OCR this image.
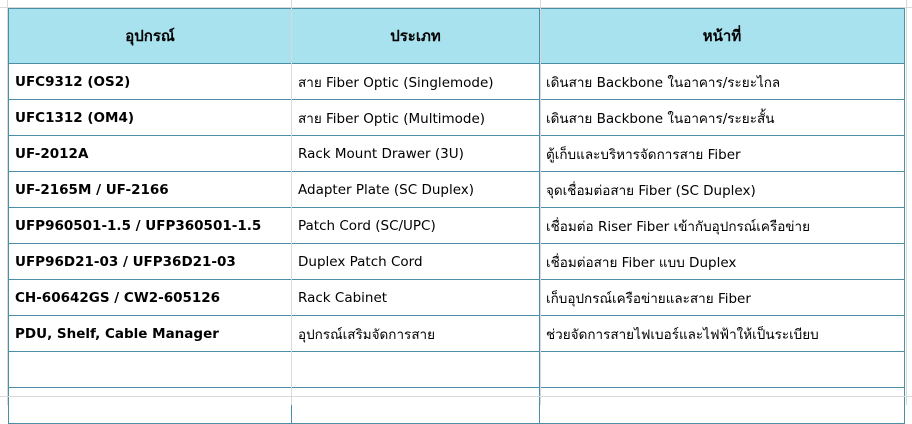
อุปกรณ์	ประเภท	หน้าที่
UFC9312 (OS2)	สาย Fiber Optic (Singlemode)	เดินสาย Backbone ในอาคาร/ระยะไกล
UFC1312 (OM4)	สาย Fiber Optic (Multimode)	เดินสาย Backbone ในอาคาร/ระยะสั้น
UF-2012A	Rack Mount Drawer (3U)	ตู้เก็บและบริหารจัดการสาย Fiber
UF-2165M / UF-2166	Adapter Plate (SC Duplex)	จุดเชื่อมต่อสาย Fiber (SC Duplex)
UFP960501-1.5 / UFP360501-1.5	Patch Cord (SC/UPC)	เชื่อมต่อ Riser Fiber เข้ากับอุปกรณ์เครือข่าย
UFP96D21-03 / UFP36D21-03	Duplex Patch Cord	เชื่อมต่อสาย Fiber แบบ Duplex
CH-60642GS / CW2-605126	Rack Cabinet	เก็บอุปกรณ์เครือข่ายและสาย Fiber
PDU, Shelf, Cable Manager	อุปกรณ์เสริมจัดการสาย	ช่วยจัดการสายไฟเบอร์และไฟฟ้าให้เป็นระเบียบ
